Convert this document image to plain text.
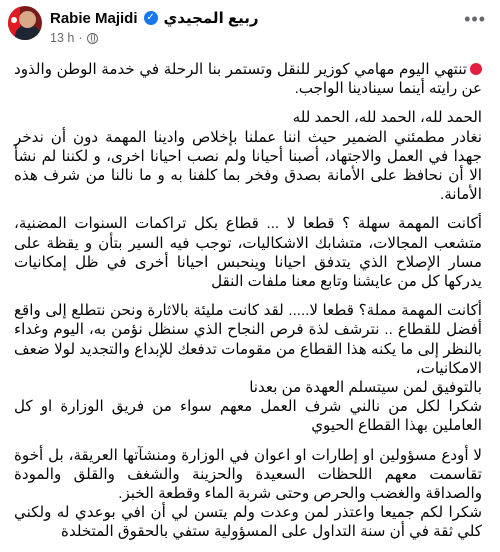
Rabie Majidi ✓ ربيع المجيدي
13 h ·
•••

تنتهي اليوم مهامي كوزير للنقل وتستمر بنا الرحلة في خدمة الوطن والذود عن رايته أينما سينادينا الواجب.

الحمد لله، الحمد لله، الحمد لله
نغادر مطمئني الضمير حيث اننا عملنا بإخلاص وادينا المهمة دون أن ندخر جهدا في العمل والاجتهاد، أصبنا أحيانا ولم نصب احيانا اخرى، و لكننا لم نشأ الا أن نحافظ على الأمانة بصدق وفخر بما كلفنا به و ما نالنا من شرف هذه الأمانة.

أكانت المهمة سهلة ؟ قطعا لا ... قطاع بكل تراكمات السنوات المضنية، متشعب المجالات، متشابك الاشكاليات، توجب فيه السير بتأن و يقظة على مسار الإصلاح الذي يتدفق احيانا وينحبس احيانا أخرى في ظل إمكانيات يدركها كل من عايشنا وتابع معنا ملفات النقل

أكانت المهمة مملة؟ قطعا لا..... لقد كانت مليئة بالاثارة ونحن نتطلع إلى واقع أفضل للقطاع .. نترشف لذة فرص النجاح الذي سنظل نؤمن به، اليوم وغداء بالنظر إلى ما يكنه هذا القطاع من مقومات تدفعك للإبداع والتجديد لولا ضعف الامكانيات،
بالتوفيق لمن سيتسلم العهدة من بعدنا
شكرا لكل من نالني شرف العمل معهم سواء من فريق الوزارة او كل العاملين بهذا القطاع الحيوي

لا أودع مسؤولين او إطارات او اعوان في الوزارة ومنشآتها العريقة، بل أخوة تقاسمت معهم اللحظات السعيدة والحزينة والشغف والقلق والمودة والصداقة والغضب والحرص وحتى شربة الماء وقطعة الخبز.
شكرا لكم جميعا واعتذر لمن وعدت ولم يتسن لي أن افي بوعدي له ولكني كلي ثقة في أن سنة التداول على المسؤولية ستفي بالحقوق المتخلدة
